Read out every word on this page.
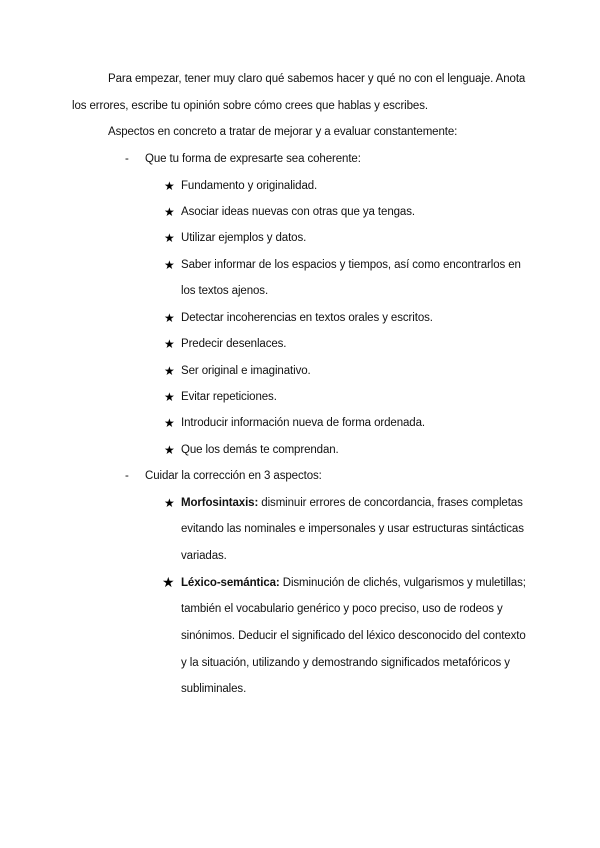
Para empezar, tener muy claro qué sabemos hacer y qué no con el lenguaje. Anota
los errores, escribe tu opinión sobre cómo crees que hablas y escribes.
Aspectos en concreto a tratar de mejorar y a evaluar constantemente:
- Que tu forma de expresarte sea coherente:
★ Fundamento y originalidad.
★ Asociar ideas nuevas con otras que ya tengas.
★ Utilizar ejemplos y datos.
★ Saber informar de los espacios y tiempos, así como encontrarlos en
los textos ajenos.
★ Detectar incoherencias en textos orales y escritos.
★ Predecir desenlaces.
★ Ser original e imaginativo.
★ Evitar repeticiones.
★ Introducir información nueva de forma ordenada.
★ Que los demás te comprendan.
- Cuidar la corrección en 3 aspectos:
★ Morfosintaxis: disminuir errores de concordancia, frases completas
evitando las nominales e impersonales y usar estructuras sintácticas
variadas.
★ Léxico-semántica: Disminución de clichés, vulgarismos y muletillas;
también el vocabulario genérico y poco preciso, uso de rodeos y
sinónimos. Deducir el significado del léxico desconocido del contexto
y la situación, utilizando y demostrando significados metafóricos y
subliminales.
